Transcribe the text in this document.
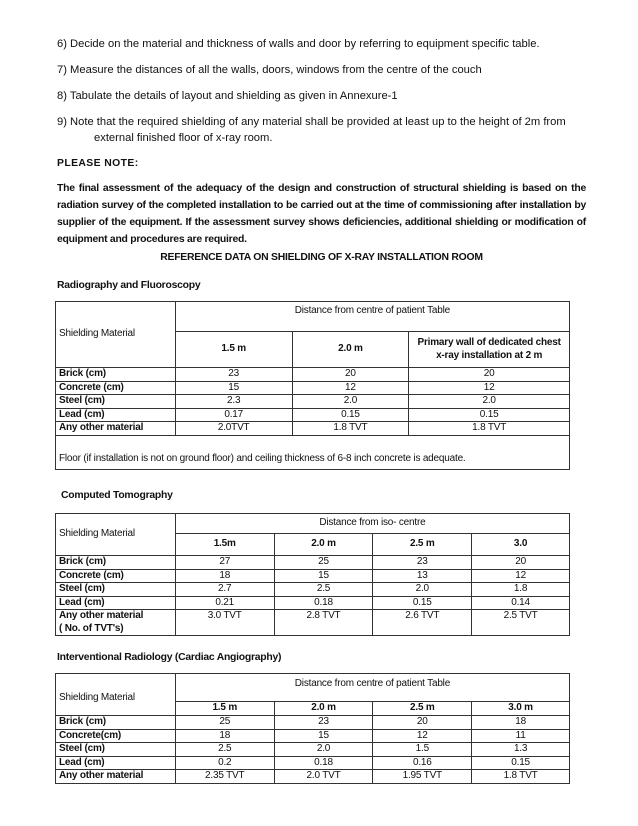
6) Decide on the material and thickness of walls and door by referring to equipment specific table.
7) Measure the distances of all the walls, doors, windows from the centre of the couch
8) Tabulate the details of layout and shielding as given in Annexure-1
9) Note that the required shielding of any material shall be provided at least up to the height of 2m from
external finished floor of x-ray room.
PLEASE NOTE:
The final assessment of the adequacy of the design and construction of structural shielding is based on the radiation survey of the completed installation to be carried out at the time of commissioning after installation by supplier of the equipment. If the assessment survey shows deficiencies, additional shielding or modification of equipment and procedures are required.
REFERENCE DATA ON SHIELDING OF X-RAY INSTALLATION ROOM
Radiography and Fluoroscopy
Shielding Material	Distance from centre of patient Table		
	1.5 m	2.0 m	Primary wall of dedicated chest x-ray installation at 2 m
Brick (cm)	23	20	20
Concrete (cm)	15	12	12
Steel (cm)	2.3	2.0	2.0
Lead (cm)	0.17	0.15	0.15
Any other material	2.0TVT	1.8 TVT	1.8 TVT
Floor (if installation is not on ground floor) and ceiling thickness of 6-8 inch concrete is adequate.			
Computed Tomography
Shielding Material	Distance from iso- centre			
	1.5m	2.0 m	2.5 m	3.0
Brick (cm)	27	25	23	20
Concrete (cm)	18	15	13	12
Steel (cm)	2.7	2.5	2.0	1.8
Lead (cm)	0.21	0.18	0.15	0.14
Any other material
( No. of TVT's)	3.0 TVT	2.8 TVT	2.6 TVT	2.5 TVT
Interventional Radiology (Cardiac Angiography)
Shielding Material	Distance from centre of patient Table			
	1.5 m	2.0 m	2.5 m	3.0 m
Brick (cm)	25	23	20	18
Concrete(cm)	18	15	12	11
Steel (cm)	2.5	2.0	1.5	1.3
Lead (cm)	0.2	0.18	0.16	0.15
Any other material	2.35 TVT	2.0 TVT	1.95 TVT	1.8 TVT
